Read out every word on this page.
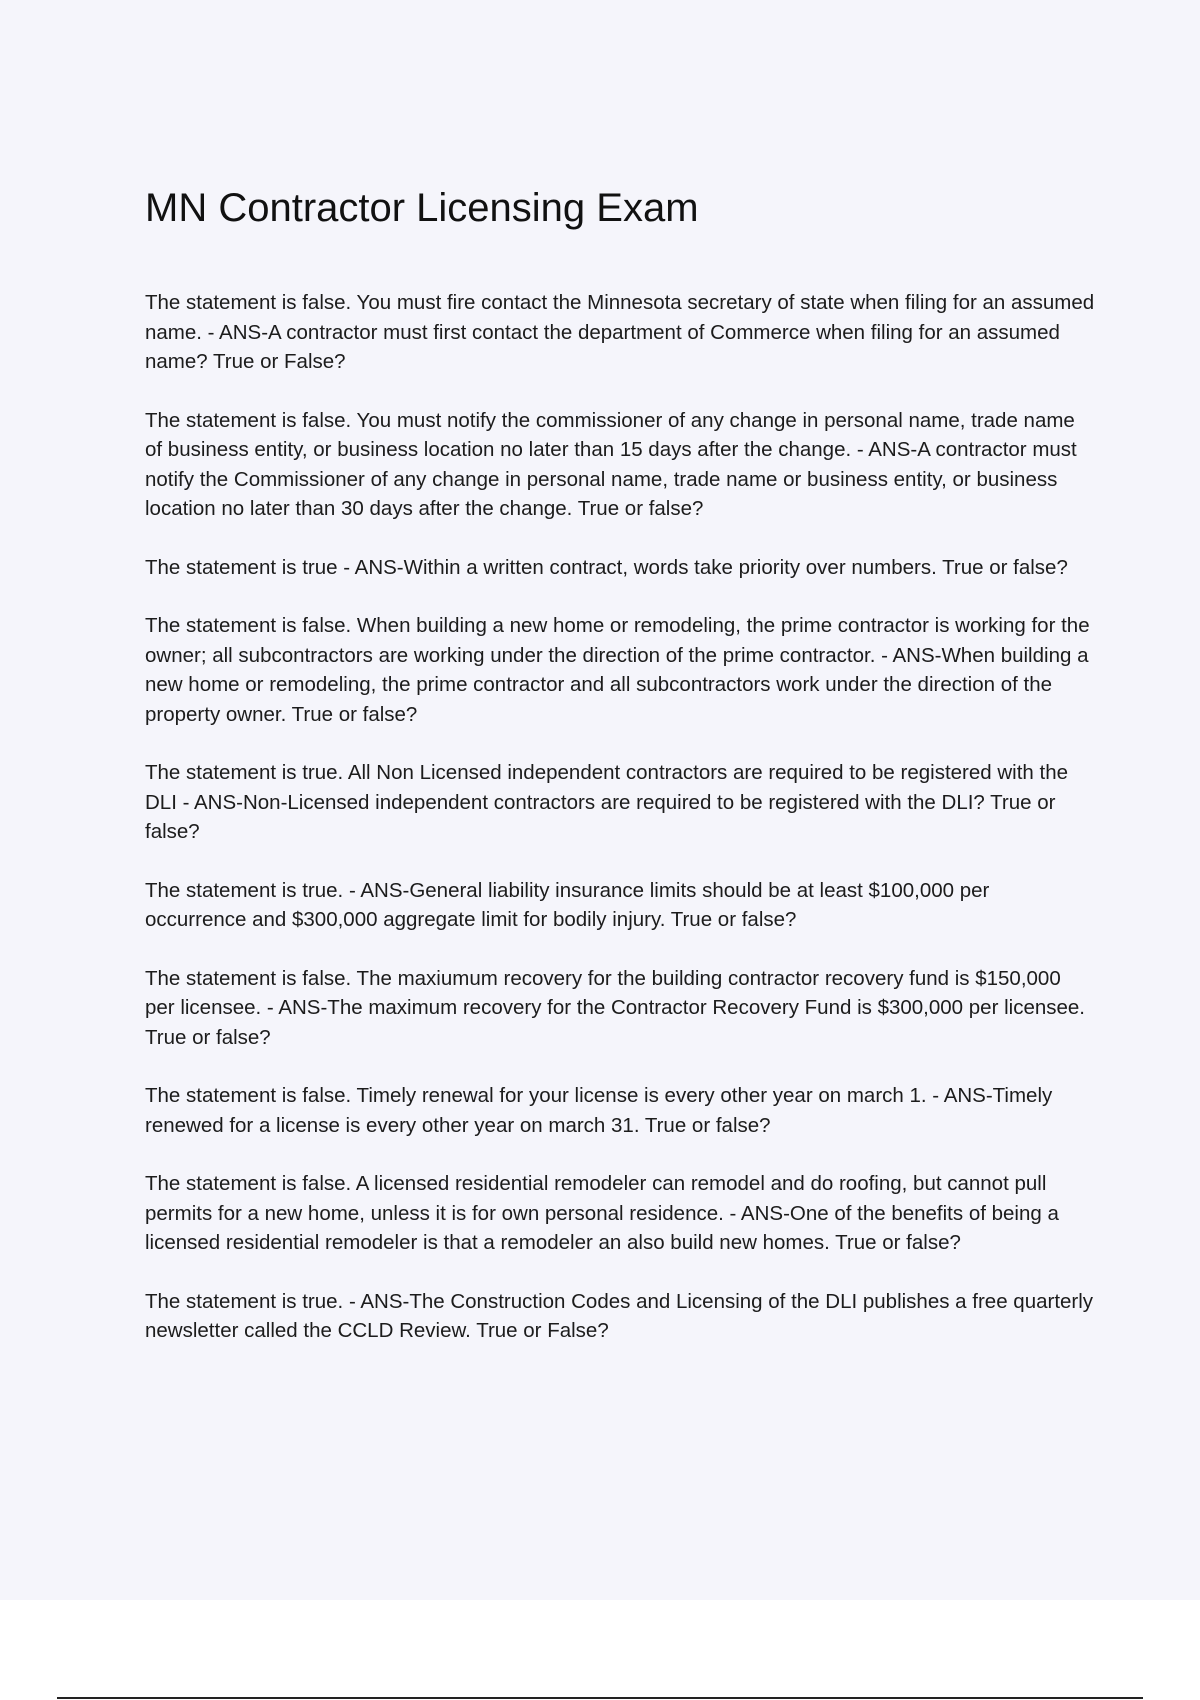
MN Contractor Licensing Exam

The statement is false. You must fire contact the Minnesota secretary of state when filing for an assumed name. - ANS-A contractor must first contact the department of Commerce when filing for an assumed name? True or False?

The statement is false. You must notify the commissioner of any change in personal name, trade name of business entity, or business location no later than 15 days after the change. - ANS-A contractor must notify the Commissioner of any change in personal name, trade name or business entity, or business location no later than 30 days after the change. True or false?

The statement is true - ANS-Within a written contract, words take priority over numbers. True or false?

The statement is false. When building a new home or remodeling, the prime contractor is working for the owner; all subcontractors are working under the direction of the prime contractor. - ANS-When building a new home or remodeling, the prime contractor and all subcontractors work under the direction of the property owner. True or false?

The statement is true. All Non Licensed independent contractors are required to be registered with the DLI - ANS-Non-Licensed independent contractors are required to be registered with the DLI? True or false?

The statement is true. - ANS-General liability insurance limits should be at least $100,000 per occurrence and $300,000 aggregate limit for bodily injury. True or false?

The statement is false. The maxiumum recovery for the building contractor recovery fund is $150,000 per licensee. - ANS-The maximum recovery for the Contractor Recovery Fund is $300,000 per licensee. True or false?

The statement is false. Timely renewal for your license is every other year on march 1. - ANS-Timely renewed for a license is every other year on march 31. True or false?

The statement is false. A licensed residential remodeler can remodel and do roofing, but cannot pull permits for a new home, unless it is for own personal residence. - ANS-One of the benefits of being a licensed residential remodeler is that a remodeler an also build new homes. True or false?

The statement is true. - ANS-The Construction Codes and Licensing of the DLI publishes a free quarterly newsletter called the CCLD Review. True or False?
